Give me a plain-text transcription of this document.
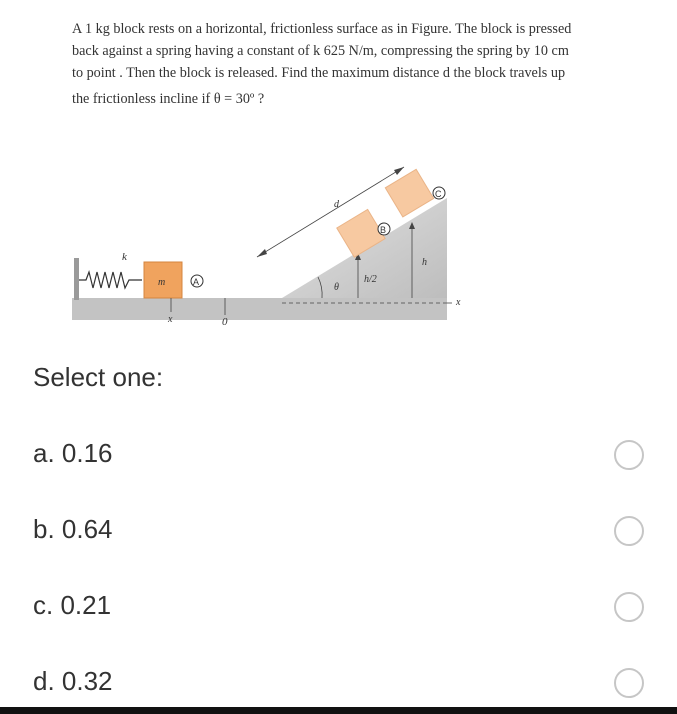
A 1 kg block rests on a horizontal, frictionless surface as in Figure. The block is pressed

back against a spring having a constant of k 625 N/m, compressing the spring by 10 cm

to point . Then the block is released. Find the maximum distance d the block travels up

the frictionless incline if θ = 30º ?

k
m	A
x	0
x
θ
h/2
h
B
C
d
Select one:
a. 0.16
b. 0.64
c. 0.21
d. 0.32
